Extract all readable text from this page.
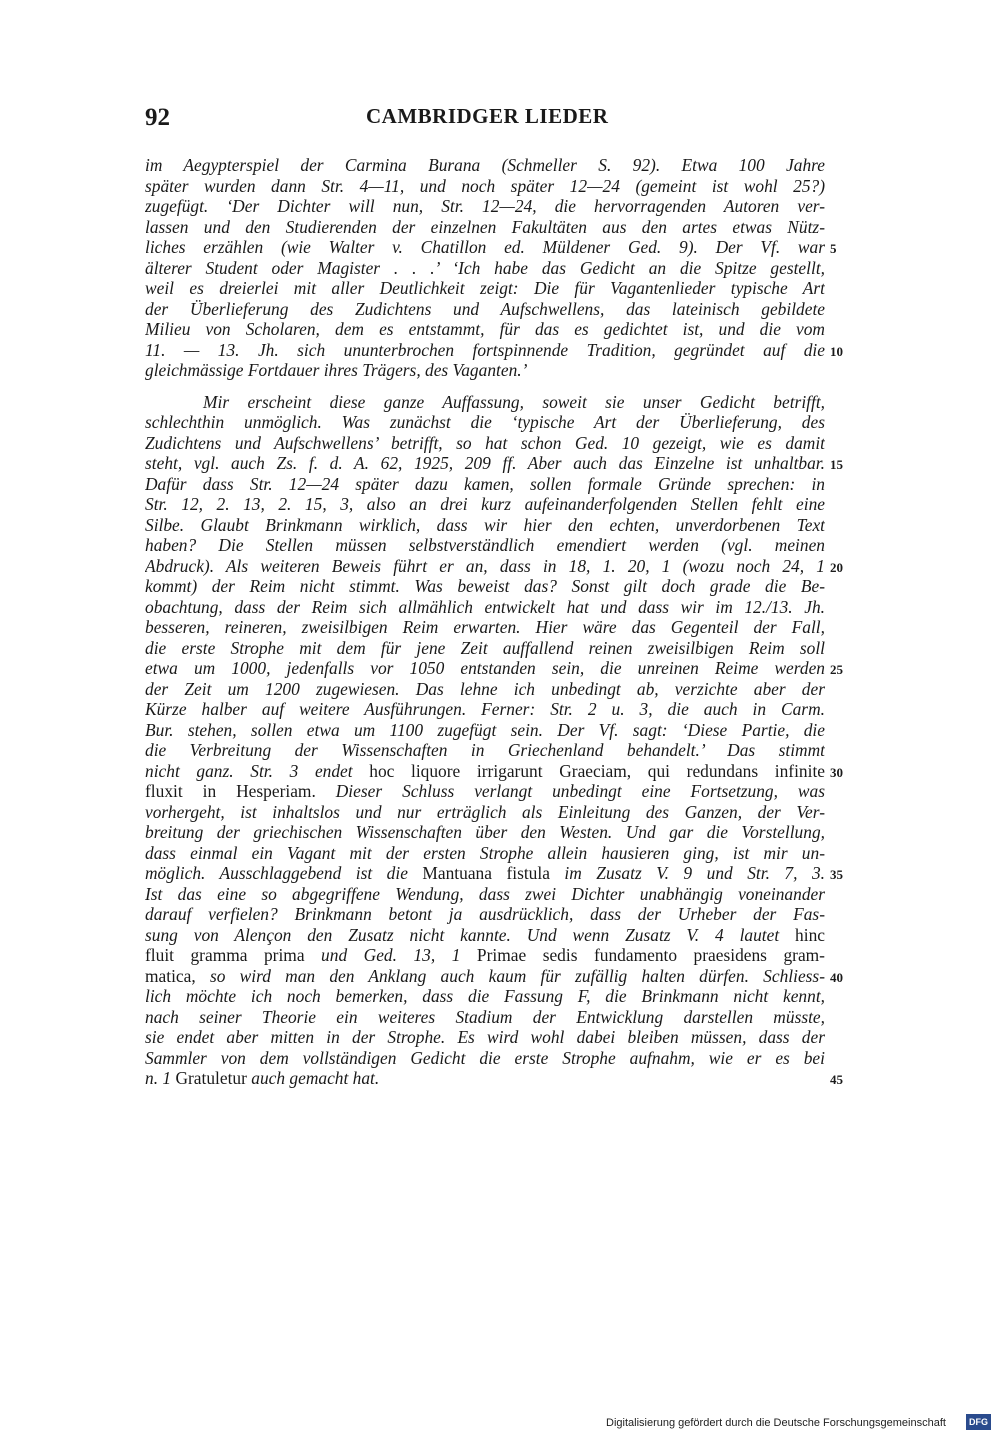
92	CAMBRIDGER LIEDER
im Aegypterspiel der Carmina Burana (Schmeller S. 92). Etwa 100 Jahre
später wurden dann Str. 4—11, und noch später 12—24 (gemeint ist wohl 25?)
zugefügt. ‘Der Dichter will nun, Str. 12—24, die hervorragenden Autoren ver-
lassen und den Studierenden der einzelnen Fakultäten aus den artes etwas Nütz-
liches erzählen (wie Walter v. Chatillon ed. Müldener Ged. 9). Der Vf. war
älterer Student oder Magister . . .’ ‘Ich habe das Gedicht an die Spitze gestellt,
weil es dreierlei mit aller Deutlichkeit zeigt: Die für Vagantenlieder typische Art
der Überlieferung des Zudichtens und Aufschwellens, das lateinisch gebildete
Milieu von Scholaren, dem es entstammt, für das es gedichtet ist, und die vom
11. — 13. Jh. sich ununterbrochen fortspinnende Tradition, gegründet auf die
gleichmässige Fortdauer ihres Trägers, des Vaganten.’
Mir erscheint diese ganze Auffassung, soweit sie unser Gedicht betrifft,
schlechthin unmöglich. Was zunächst die ‘typische Art der Überlieferung, des
Zudichtens und Aufschwellens’ betrifft, so hat schon Ged. 10 gezeigt, wie es damit
steht, vgl. auch Zs. f. d. A. 62, 1925, 209 ff. Aber auch das Einzelne ist unhaltbar.
Dafür dass Str. 12—24 später dazu kamen, sollen formale Gründe sprechen: in
Str. 12, 2. 13, 2. 15, 3, also an drei kurz aufeinanderfolgenden Stellen fehlt eine
Silbe. Glaubt Brinkmann wirklich, dass wir hier den echten, unverdorbenen Text
haben? Die Stellen müssen selbstverständlich emendiert werden (vgl. meinen
Abdruck). Als weiteren Beweis führt er an, dass in 18, 1. 20, 1 (wozu noch 24, 1
kommt) der Reim nicht stimmt. Was beweist das? Sonst gilt doch grade die Be-
obachtung, dass der Reim sich allmählich entwickelt hat und dass wir im 12./13. Jh.
besseren, reineren, zweisilbigen Reim erwarten. Hier wäre das Gegenteil der Fall,
die erste Strophe mit dem für jene Zeit auffallend reinen zweisilbigen Reim soll
etwa um 1000, jedenfalls vor 1050 entstanden sein, die unreinen Reime werden
der Zeit um 1200 zugewiesen. Das lehne ich unbedingt ab, verzichte aber der
Kürze halber auf weitere Ausführungen. Ferner: Str. 2 u. 3, die auch in Carm.
Bur. stehen, sollen etwa um 1100 zugefügt sein. Der Vf. sagt: ‘Diese Partie, die
die Verbreitung der Wissenschaften in Griechenland behandelt.’ Das stimmt
nicht ganz. Str. 3 endet hoc liquore irrigarunt Graeciam, qui redundans infinite
fluxit in Hesperiam. Dieser Schluss verlangt unbedingt eine Fortsetzung, was
vorhergeht, ist inhaltslos und nur erträglich als Einleitung des Ganzen, der Ver-
breitung der griechischen Wissenschaften über den Westen. Und gar die Vorstellung,
dass einmal ein Vagant mit der ersten Strophe allein hausieren ging, ist mir un-
möglich. Ausschlaggebend ist die Mantuana fistula im Zusatz V. 9 und Str. 7, 3.
Ist das eine so abgegriffene Wendung, dass zwei Dichter unabhängig voneinander
darauf verfielen? Brinkmann betont ja ausdrücklich, dass der Urheber der Fas-
sung von Alençon den Zusatz nicht kannte. Und wenn Zusatz V. 4 lautet hinc
fluit gramma prima und Ged. 13, 1 Primae sedis fundamento praesidens gram-
matica, so wird man den Anklang auch kaum für zufällig halten dürfen. Schliess-
lich möchte ich noch bemerken, dass die Fassung F, die Brinkmann nicht kennt,
nach seiner Theorie ein weiteres Stadium der Entwicklung darstellen müsste,
sie endet aber mitten in der Strophe. Es wird wohl dabei bleiben müssen, dass der
Sammler von dem vollständigen Gedicht die erste Strophe aufnahm, wie er es bei
n. 1 Gratuletur auch gemacht hat.
5
10
15
20
25
30
35
40
45
Digitalisierung gefördert durch die Deutsche Forschungsgemeinschaft	DFG
